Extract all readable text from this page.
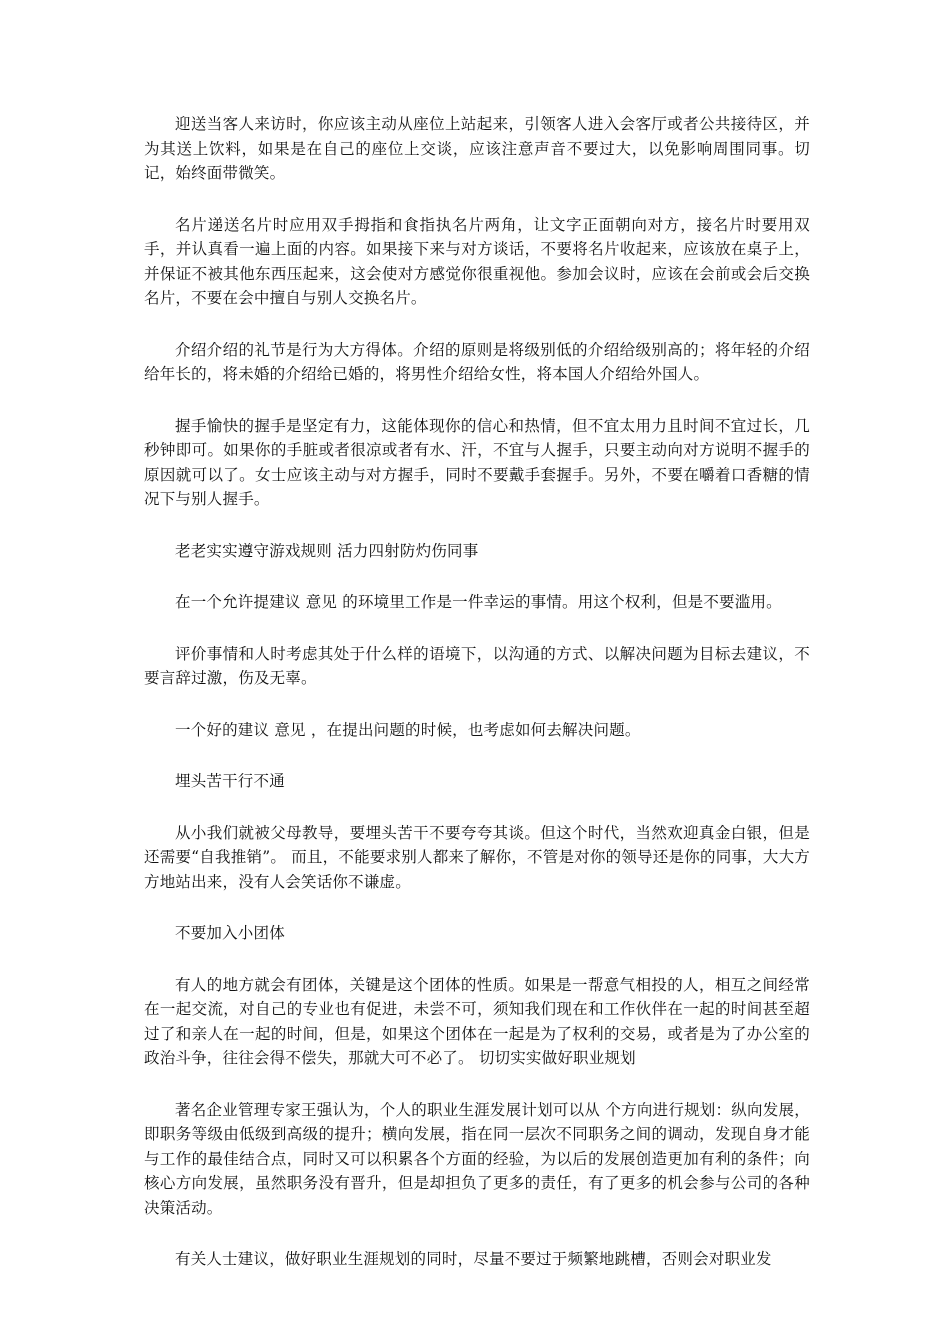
迎送当客人来访时，你应该主动从座位上站起来，引领客人进入会客厅或者公共接待区，并为其送上饮料，如果是在自己的座位上交谈，应该注意声音不要过大，以免影响周围同事。切记，始终面带微笑。

名片递送名片时应用双手拇指和食指执名片两角，让文字正面朝向对方，接名片时要用双手，并认真看一遍上面的内容。如果接下来与对方谈话，不要将名片收起来，应该放在桌子上，并保证不被其他东西压起来，这会使对方感觉你很重视他。参加会议时，应该在会前或会后交换名片，不要在会中擅自与别人交换名片。

介绍介绍的礼节是行为大方得体。介绍的原则是将级别低的介绍给级别高的；将年轻的介绍给年长的，将未婚的介绍给已婚的，将男性介绍给女性，将本国人介绍给外国人。

握手愉快的握手是坚定有力，这能体现你的信心和热情，但不宜太用力且时间不宜过长，几秒钟即可。如果你的手脏或者很凉或者有水、汗，不宜与人握手，只要主动向对方说明不握手的原因就可以了。女士应该主动与对方握手，同时不要戴手套握手。另外，不要在嚼着口香糖的情况下与别人握手。

老老实实遵守游戏规则 活力四射防灼伤同事

在一个允许提建议 意见 的环境里工作是一件幸运的事情。用这个权利，但是不要滥用。

评价事情和人时考虑其处于什么样的语境下，以沟通的方式、以解决问题为目标去建议，不要言辞过激，伤及无辜。

一个好的建议 意见 ，在提出问题的时候，也考虑如何去解决问题。

埋头苦干行不通

从小我们就被父母教导，要埋头苦干不要夸夸其谈。但这个时代，当然欢迎真金白银，但是还需要“自我推销”。 而且，不能要求别人都来了解你，不管是对你的领导还是你的同事，大大方方地站出来，没有人会笑话你不谦虚。

不要加入小团体

有人的地方就会有团体，关键是这个团体的性质。如果是一帮意气相投的人，相互之间经常在一起交流，对自己的专业也有促进，未尝不可，须知我们现在和工作伙伴在一起的时间甚至超过了和亲人在一起的时间，但是，如果这个团体在一起是为了权利的交易，或者是为了办公室的政治斗争，往往会得不偿失，那就大可不必了。 切切实实做好职业规划

著名企业管理专家王强认为，个人的职业生涯发展计划可以从 个方向进行规划：纵向发展，即职务等级由低级到高级的提升；横向发展，指在同一层次不同职务之间的调动，发现自身才能与工作的最佳结合点，同时又可以积累各个方面的经验，为以后的发展创造更加有利的条件；向核心方向发展，虽然职务没有晋升，但是却担负了更多的责任，有了更多的机会参与公司的各种决策活动。

有关人士建议，做好职业生涯规划的同时，尽量不要过于频繁地跳槽，否则会对职业发
